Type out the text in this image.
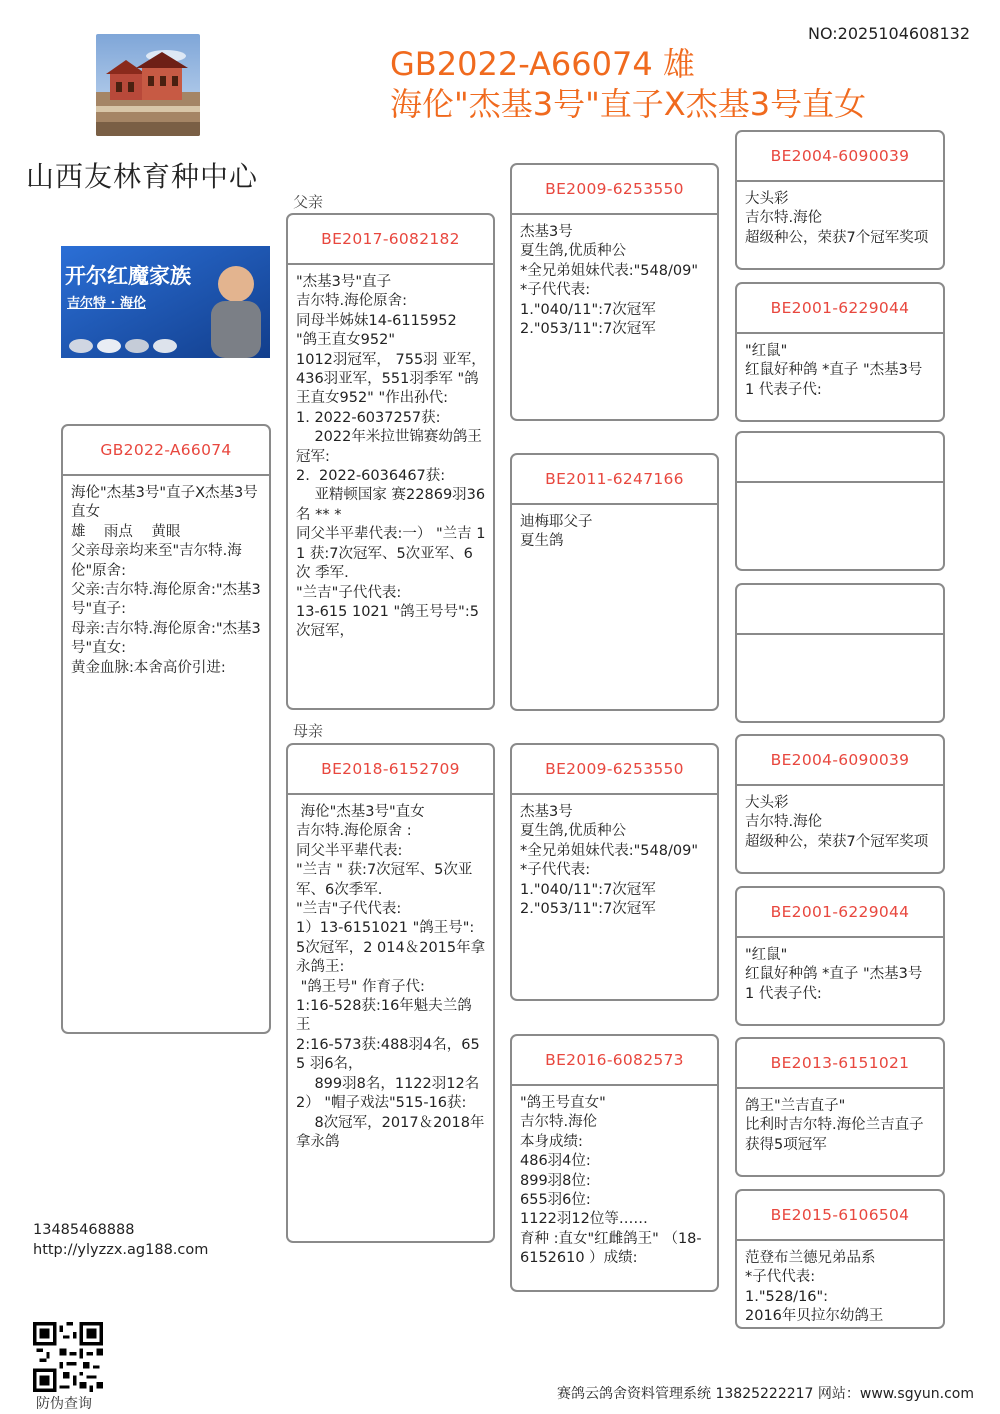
NO:2025104608132
GB2022-A66074 雄
海伦"杰基3号"直子X杰基3号直女
山西友林育种中心
开尔红魔家族
吉尔特 · 海伦
GB2022-A66074
海伦"杰基3号"直子X杰基3号直女
雄    雨点    黄眼
父亲母亲均来至"吉尔特.海伦"原舍:
父亲:吉尔特.海伦原舍:"杰基3号"直子:
母亲:吉尔特.海伦原舍:"杰基3号"直女:
黄金血脉:本舍高价引进:
父亲
母亲
BE2017-6082182
"杰基3号"直子
吉尔特.海伦原舍:
同母半姊妹14-6115952
"鸽王直女952"
1012羽冠军， 755羽 亚军，436羽亚军，551羽季军 "鸽王直女952" "作出孙代:
1. 2022-6037257获:
2022年米拉世锦赛幼鸽王冠军:
2.  2022-6036467获:
亚精顿国家 赛22869羽36名 ** *
同父半平辈代表:一） "兰吉 11 获:7次冠军、5次亚军、6次 季军.
"兰吉"子代代表:
13-615 1021 "鸽王号号":5次冠军，
BE2018-6152709
海伦"杰基3号"直女
吉尔特.海伦原舍 :
同父半平辈代表:
"兰吉 " 获:7次冠军、5次亚军、6次季军.
"兰吉"子代代表:
1）13-6151021 "鸽王号":
5次冠军，2 014＆2015年拿永鸽王:
"鸽王号" 作育子代:
1:16-528获:16年魁夫兰鸽王
2:16-573获:488羽4名，655 羽6名，
899羽8名，1122羽12名
2） "帽子戏法"515-16获:
8次冠军，2017＆2018年拿永鸽
BE2009-6253550
杰基3号
夏生鸽,优质种公
*全兄弟姐妹代表:"548/09"
*子代代表:
1."040/11":7次冠军
2."053/11":7次冠军
BE2011-6247166
迪梅耶父子
夏生鸽
BE2009-6253550
杰基3号
夏生鸽,优质种公
*全兄弟姐妹代表:"548/09"
*子代代表:
1."040/11":7次冠军
2."053/11":7次冠军
BE2016-6082573
"鸽王号直女"
吉尔特.海伦
本身成绩:
486羽4位:
899羽8位:
655羽6位:
1122羽12位等……
育种 :直女"红雌鸽王" （18-6152610 ）成绩:
BE2004-6090039
大头彩
吉尔特.海伦
超级种公，荣获7个冠军奖项
BE2001-6229044
"红鼠"
红鼠好种鸽 *直子 "杰基3号
1 代表子代:
BE2004-6090039
大头彩
吉尔特.海伦
超级种公，荣获7个冠军奖项
BE2001-6229044
"红鼠"
红鼠好种鸽 *直子 "杰基3号
1 代表子代:
BE2013-6151021
鸽王"兰吉直子"
比利时吉尔特.海伦兰吉直子
获得5项冠军
BE2015-6106504
范登布兰德兄弟品系
*子代代表:
1."528/16":
2016年贝拉尔幼鸽王
13485468888
http://ylyzzx.ag188.com
防伪查询
赛鸽云鸽舍资料管理系统 13825222217 网站：www.sgyun.com
